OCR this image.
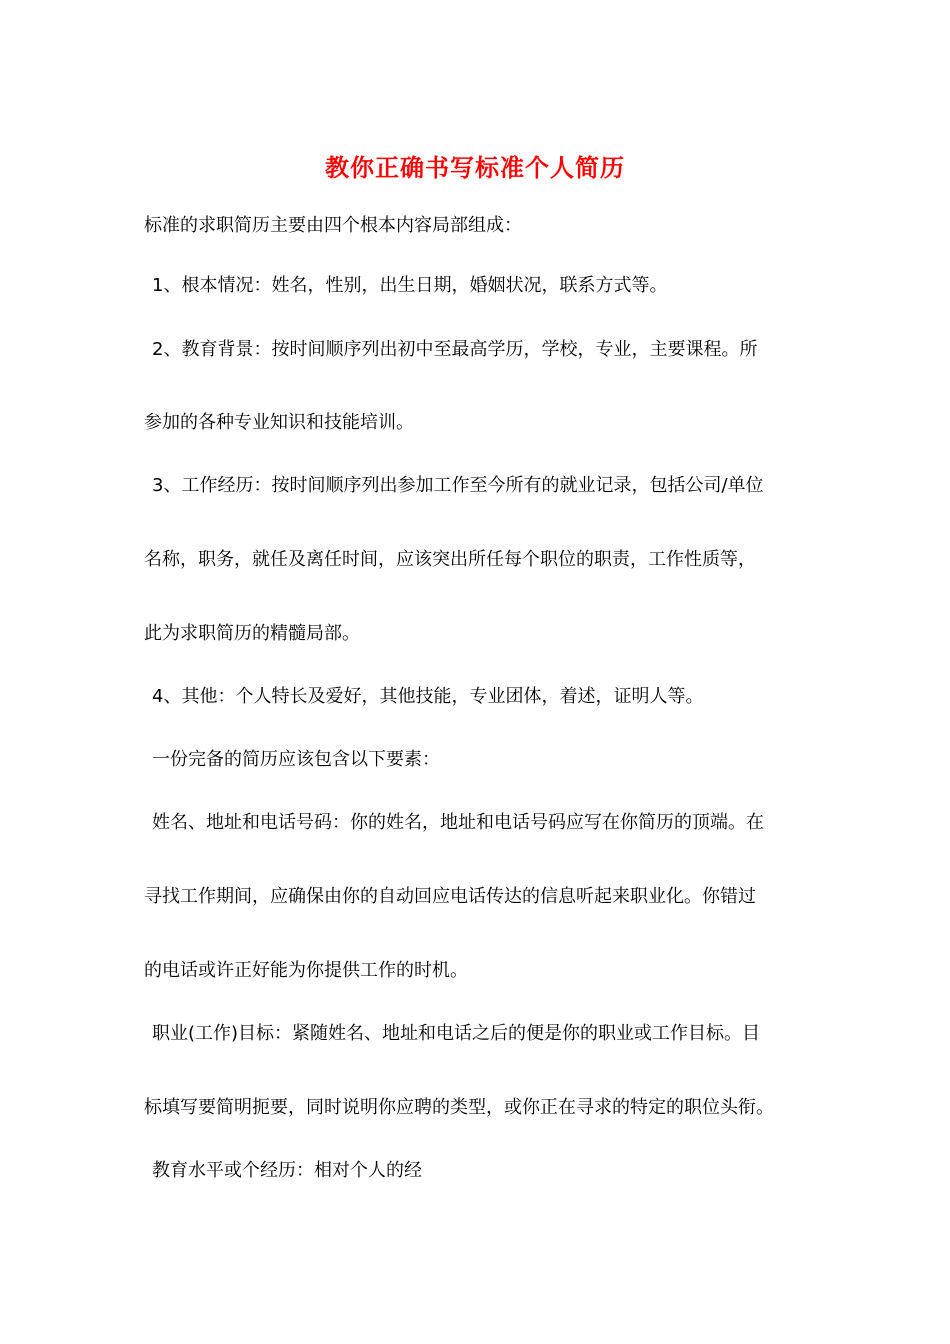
教你正确书写标准个人简历
标准的求职简历主要由四个根本内容局部组成：
1、根本情况：姓名，性别，出生日期，婚姻状况，联系方式等。
2、教育背景：按时间顺序列出初中至最高学历，学校，专业，主要课程。所
参加的各种专业知识和技能培训。
3、工作经历：按时间顺序列出参加工作至今所有的就业记录，包括公司/单位
名称，职务，就任及离任时间，应该突出所任每个职位的职责，工作性质等，
此为求职简历的精髓局部。
4、其他：个人特长及爱好，其他技能，专业团体，着述，证明人等。
一份完备的简历应该包含以下要素：
姓名、地址和电话号码：你的姓名，地址和电话号码应写在你简历的顶端。在
寻找工作期间，应确保由你的自动回应电话传达的信息听起来职业化。你错过
的电话或许正好能为你提供工作的时机。
职业(工作)目标：紧随姓名、地址和电话之后的便是你的职业或工作目标。目
标填写要简明扼要，同时说明你应聘的类型，或你正在寻求的特定的职位头衔。
教育水平或个经历：相对个人的经
